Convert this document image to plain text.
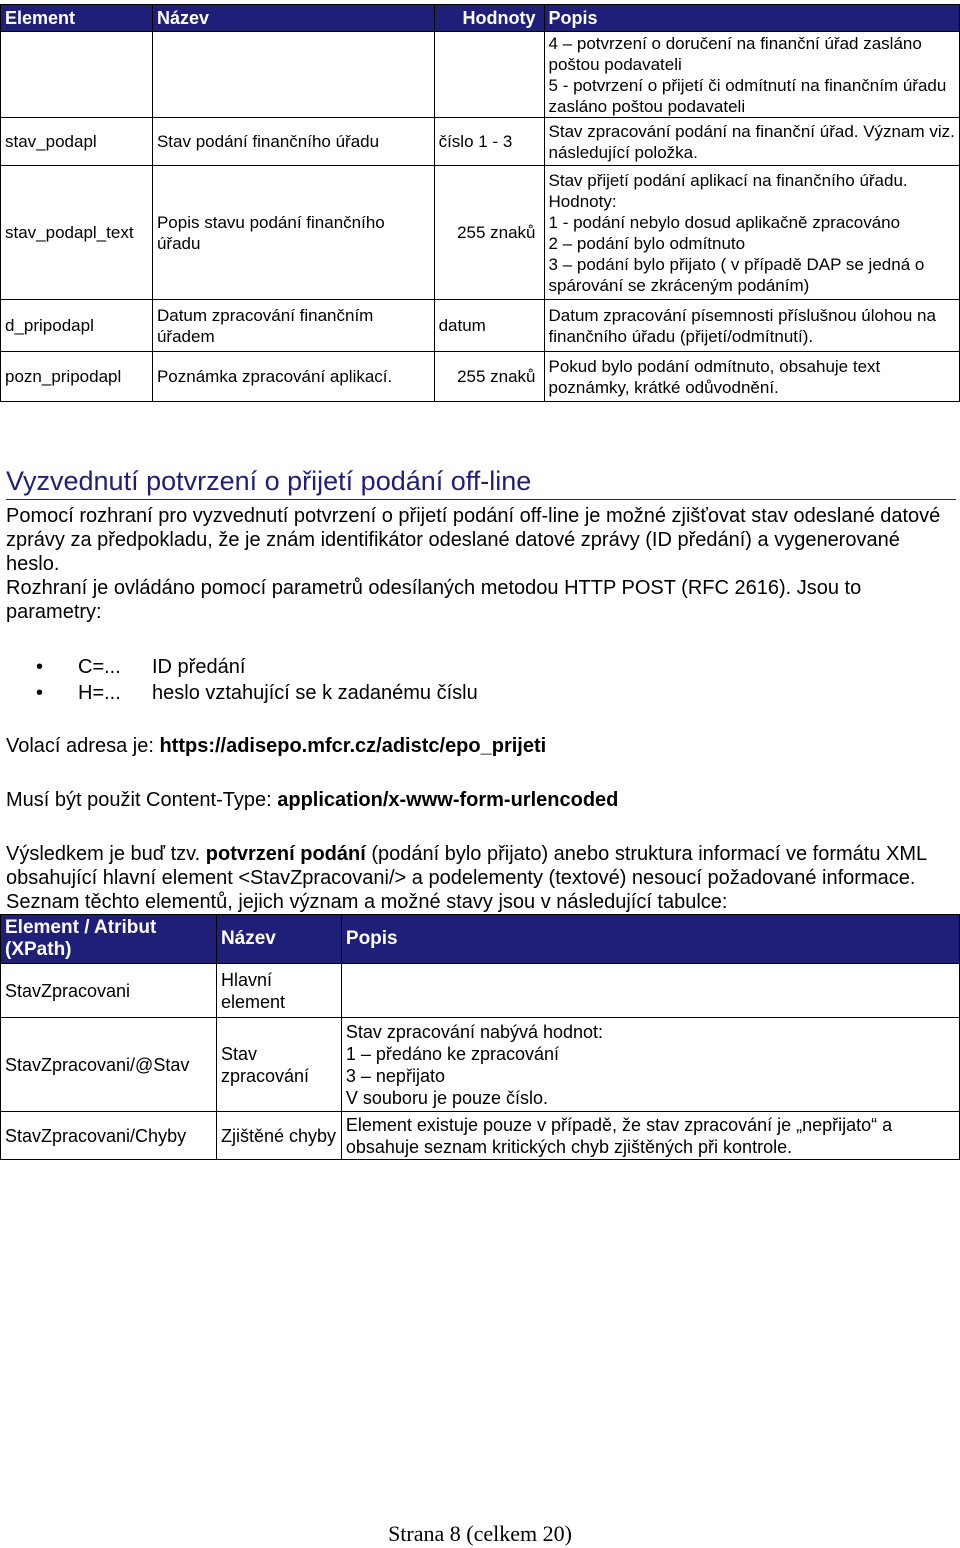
Element	Název	Hodnoty	Popis

			4 – potvrzení o doručení na finanční úřad zasláno poštou podavateli
5 - potvrzení o přijetí či odmítnutí na finančním úřadu zasláno poštou podavateli

stav_podapl	Stav podání finančního úřadu	číslo 1 - 3	Stav zpracování podání na finanční úřad. Význam viz. následující položka.

stav_podapl_text	Popis stavu podání finančního úřadu	255 znaků	Stav přijetí podání aplikací na finančního úřadu. Hodnoty:
1 - podání nebylo dosud aplikačně zpracováno
2 – podání bylo odmítnuto
3 – podání bylo přijato ( v případě DAP se jedná o spárování se zkráceným podáním)

d_pripodapl	Datum zpracování finančním úřadem	datum	Datum zpracování písemnosti příslušnou úlohou na finančního úřadu (přijetí/odmítnutí).

pozn_pripodapl	Poznámka zpracování aplikací.	255 znaků	Pokud bylo podání odmítnuto, obsahuje text poznámky, krátké odůvodnění.
Vyzvednutí potvrzení o přijetí podání off-line

Pomocí rozhraní pro vyzvednutí potvrzení o přijetí podání off-line je možné zjišťovat stav odeslané datové zprávy za předpokladu, že je znám identifikátor odeslané datové zprávy (ID předání) a vygenerované heslo.

Rozhraní je ovládáno pomocí parametrů odesílaných metodou HTTP POST (RFC 2616). Jsou to parametry:

• C=... ID předání
• H=... heslo vztahující se k zadanému číslu

Volací adresa je: https://adisepo.mfcr.cz/adistc/epo_prijeti

Musí být použit Content-Type: application/x-www-form-urlencoded

Výsledkem je buď tzv. potvrzení podání (podání bylo přijato) anebo struktura informací ve formátu XML obsahující hlavní element <StavZpracovani/> a podelementy (textové) nesoucí požadované informace. Seznam těchto elementů, jejich význam a možné stavy jsou v následující tabulce:

Element / Atribut (XPath)	Název	Popis
StavZpracovani	Hlavní element	
StavZpracovani/@Stav	Stav zpracování	Stav zpracování nabývá hodnot:
1 – předáno ke zpracování
3 – nepřijato
V souboru je pouze číslo.

StavZpracovani/Chyby	Zjištěné chyby	Element existuje pouze v případě, že stav zpracování je „nepřijato“ a obsahuje seznam kritických chyb zjištěných při kontrole.
Strana 8 (celkem 20)
